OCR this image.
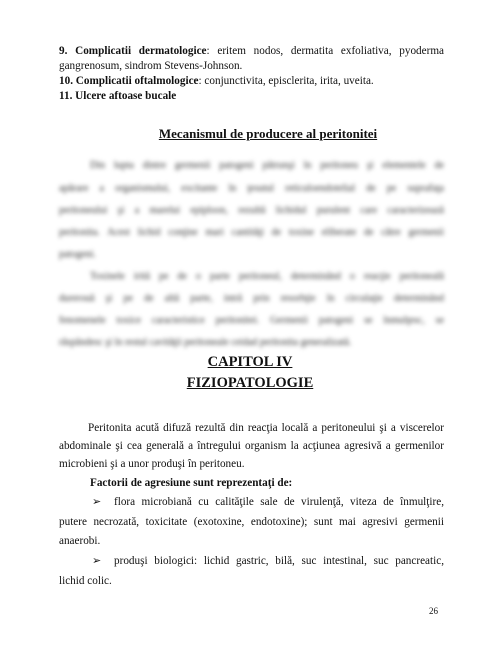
9. Complicatii dermatologice: eritem nodos, dermatita exfoliativa, pyoderma
gangrenosum, sindrom Stevens-Johnson.
10. Complicatii oftalmologice: conjunctivita, episclerita, irita, uveita.
11. Ulcere aftoase bucale
Mecanismul de producere al peritonitei
Din lupta dintre germenii patogeni pătrunşi în peritoneu şi elementele de
apărare a organismului, excitante în ţesutul reticuloendotelial de pe suprafaţa
peritoneului şi a marelui epiploon, rezultă lichidul purulent care caracterizează
peritonita. Acest lichid conţine mari cantităţi de toxine eliberate de către germenii
patogeni.
Toxinele iritã pe de o parte peritoneul, determinând o reacţie peritoneală
durerouă şi pe de altă parte, intră prin resorbţie în circulaţie determinând
fenomenele toxice caracteristice peritonitei. Germenii patogeni se înmulţesc, se
răspândesc şi în restul cavităţii peritoneale ceidad peritonita generalizată.
CAPITOL IV
FIZIOPATOLOGIE
Peritonita acută difuză rezultă din reacţia locală a peritoneului şi a viscerelor
abdominale şi cea generală a întregului organism la acţiunea agresivă a germenilor
microbieni şi a unor produşi în peritoneu.
Factorii de agresiune sunt reprezentaţi de:
➢ flora microbiană cu calităţile sale de virulenţă, viteza de înmulţire,
putere necrozată, toxicitate (exotoxine, endotoxine); sunt mai agresivi germenii
anaerobi.
➢ produşi biologici: lichid gastric, bilă, suc intestinal, suc pancreatic,
lichid colic.
26
